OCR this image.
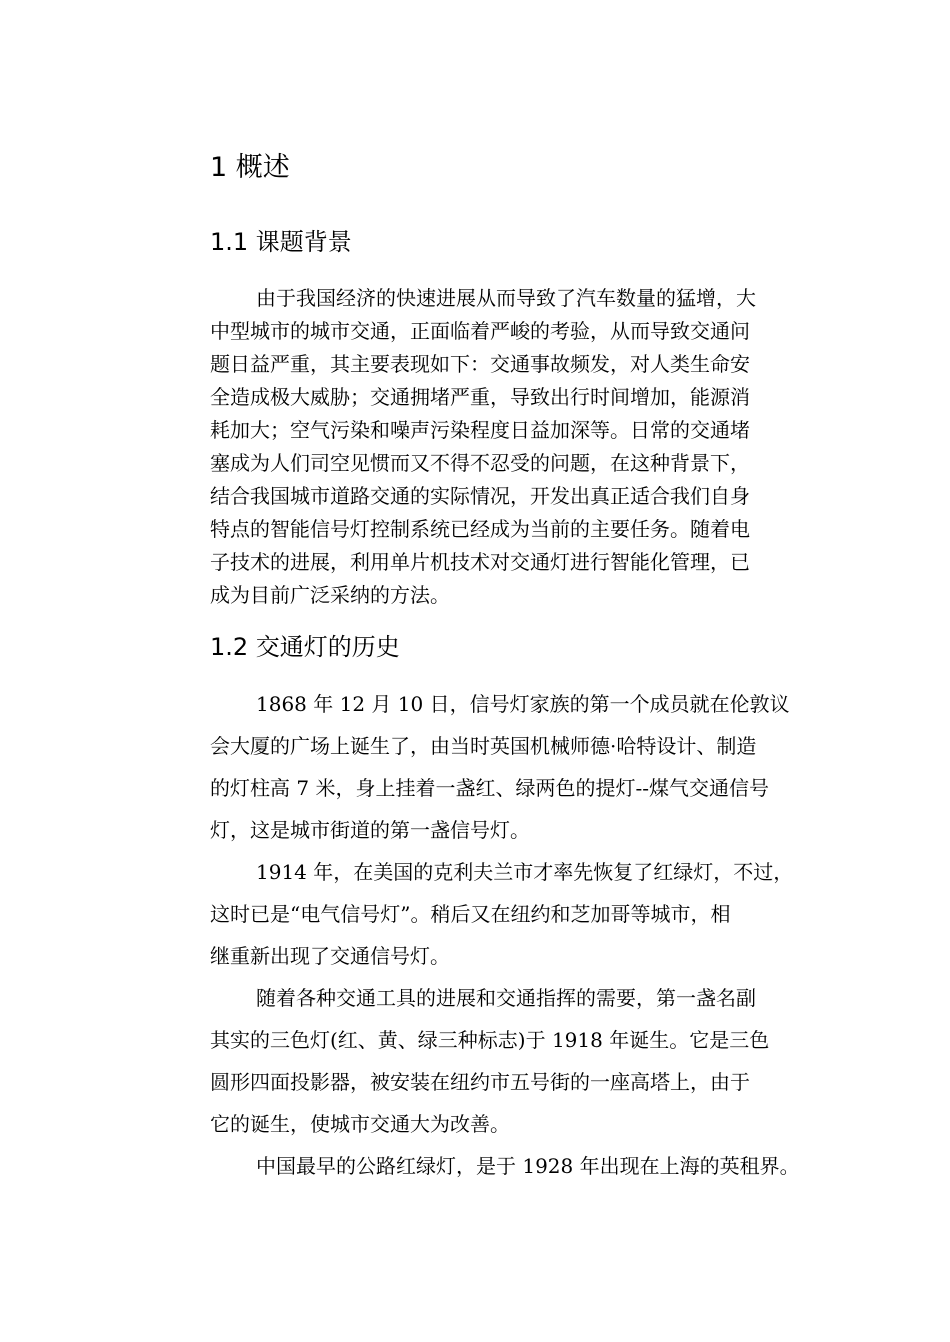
1 概述
1.1 课题背景
由于我国经济的快速进展从而导致了汽车数量的猛增，大
中型城市的城市交通，正面临着严峻的考验，从而导致交通问
题日益严重，其主要表现如下：交通事故频发，对人类生命安
全造成极大威胁；交通拥堵严重，导致出行时间增加，能源消
耗加大；空气污染和噪声污染程度日益加深等。日常的交通堵
塞成为人们司空见惯而又不得不忍受的问题，在这种背景下，
结合我国城市道路交通的实际情况，开发出真正适合我们自身
特点的智能信号灯控制系统已经成为当前的主要任务。随着电
子技术的进展，利用单片机技术对交通灯进行智能化管理，已
成为目前广泛采纳的方法。
1.2 交通灯的历史
1868 年 12 月 10 日，信号灯家族的第一个成员就在伦敦议
会大厦的广场上诞生了，由当时英国机械师德·哈特设计、制造
的灯柱高 7 米，身上挂着一盏红、绿两色的提灯--煤气交通信号
灯，这是城市街道的第一盏信号灯。
1914 年，在美国的克利夫兰市才率先恢复了红绿灯，不过，
这时已是“电气信号灯”。稍后又在纽约和芝加哥等城市，相
继重新出现了交通信号灯。
随着各种交通工具的进展和交通指挥的需要，第一盏名副
其实的三色灯(红、黄、绿三种标志)于 1918 年诞生。它是三色
圆形四面投影器，被安装在纽约市五号街的一座高塔上，由于
它的诞生，使城市交通大为改善。
中国最早的公路红绿灯，是于 1928 年出现在上海的英租界。
